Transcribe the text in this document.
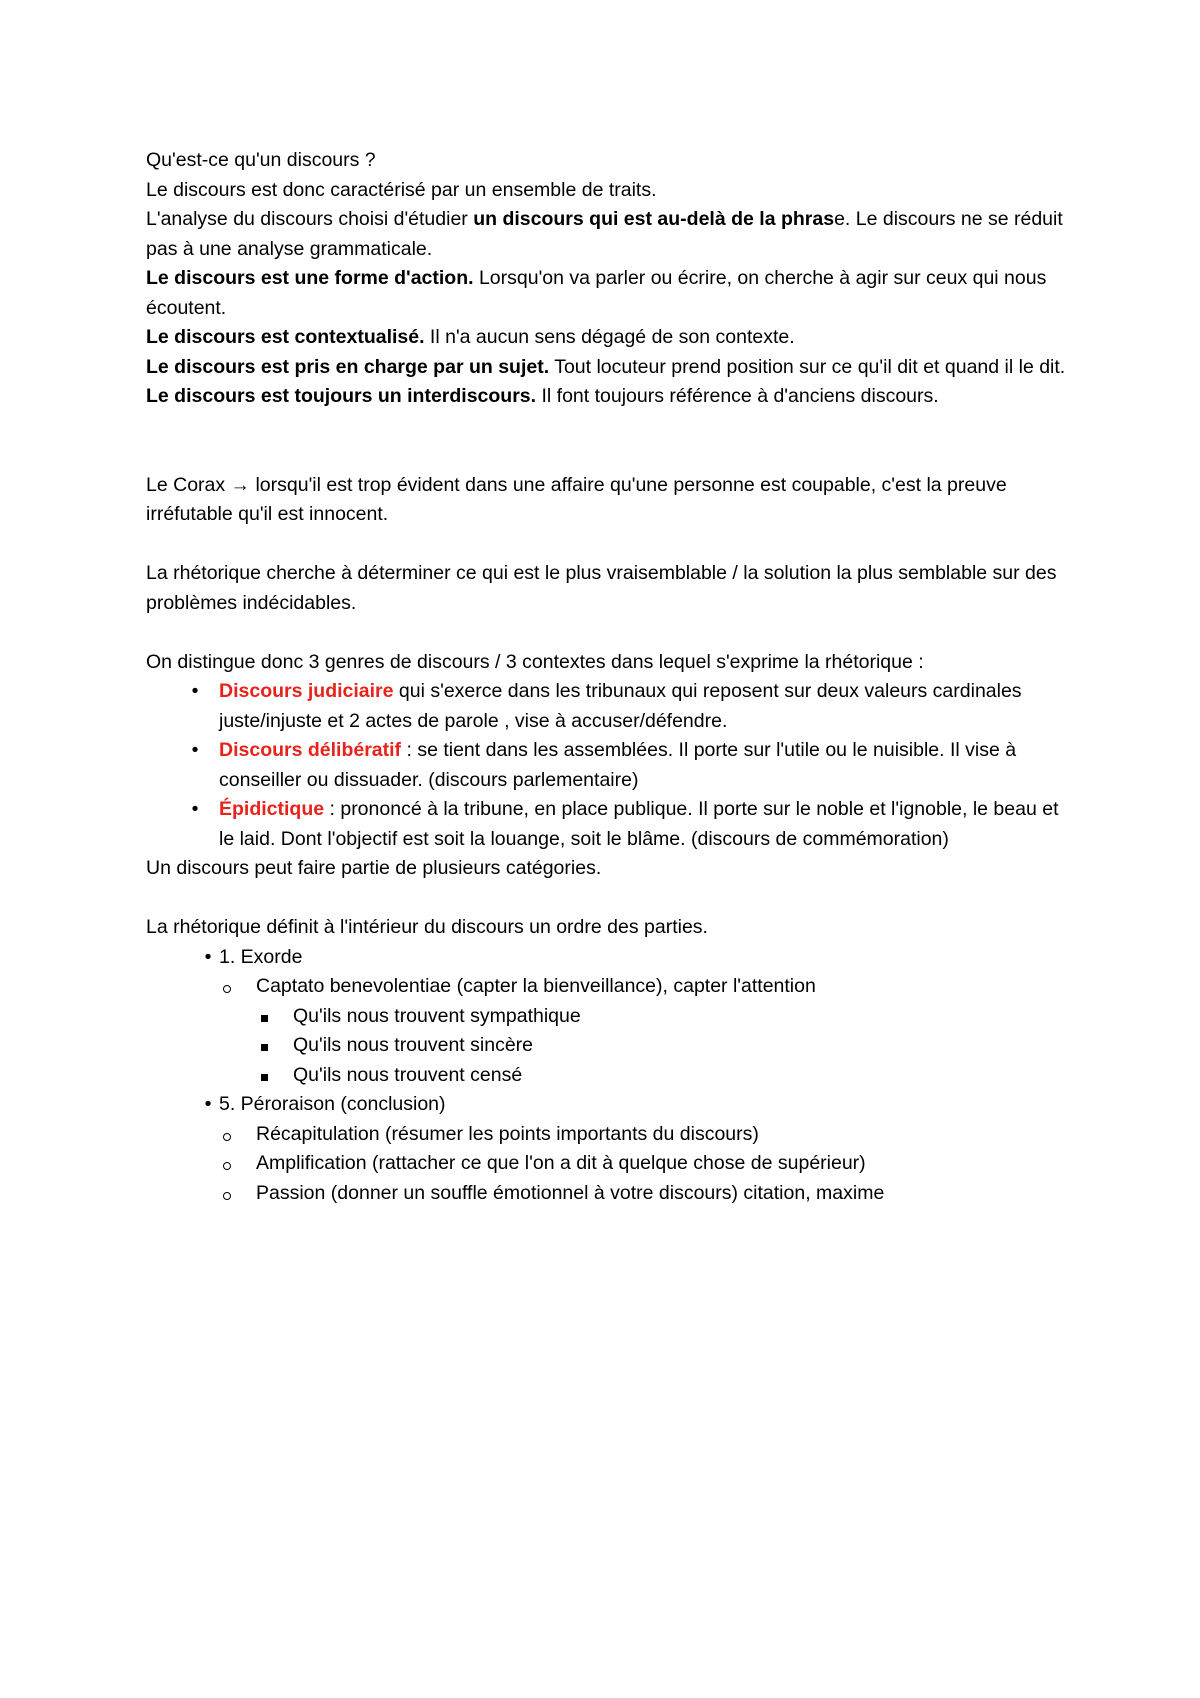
Qu'est-ce qu'un discours ?

Le discours est donc caractérisé par un ensemble de traits.

L'analyse du discours choisi d'étudier un discours qui est au-delà de la phrase. Le discours ne se réduit pas à une analyse grammaticale.

Le discours est une forme d'action. Lorsqu'on va parler ou écrire, on cherche à agir sur ceux qui nous écoutent.

Le discours est contextualisé. Il n'a aucun sens dégagé de son contexte.

Le discours est pris en charge par un sujet. Tout locuteur prend position sur ce qu'il dit et quand il le dit.

Le discours est toujours un interdiscours. Il font toujours référence à d'anciens discours.

Le Corax → lorsqu'il est trop évident dans une affaire qu'une personne est coupable, c'est la preuve irréfutable qu'il est innocent.

La rhétorique cherche à déterminer ce qui est le plus vraisemblable / la solution la plus semblable sur des problèmes indécidables.

On distingue donc 3 genres de discours / 3 contextes dans lequel s'exprime la rhétorique :

•	Discours judiciaire qui s'exerce dans les tribunaux qui reposent sur deux valeurs cardinales juste/injuste et 2 actes de parole , vise à accuser/défendre.
•	Discours délibératif : se tient dans les assemblées. Il porte sur l'utile ou le nuisible. Il vise à conseiller ou dissuader. (discours parlementaire)
•	Épidictique : prononcé à la tribune, en place publique. Il porte sur le noble et l'ignoble, le beau et le laid. Dont l'objectif est soit la louange, soit le blâme. (discours de commémoration)

Un discours peut faire partie de plusieurs catégories.

La rhétorique définit à l'intérieur du discours un ordre des parties.

• 1. Exorde
Captato benevolentiae (capter la bienveillance), capter l'attention
Qu'ils nous trouvent sympathique
Qu'ils nous trouvent sincère
Qu'ils nous trouvent censé
• 5. Péroraison (conclusion)
Récapitulation (résumer les points importants du discours)
Amplification (rattacher ce que l'on a dit à quelque chose de supérieur)
Passion (donner un souffle émotionnel à votre discours) citation, maxime
